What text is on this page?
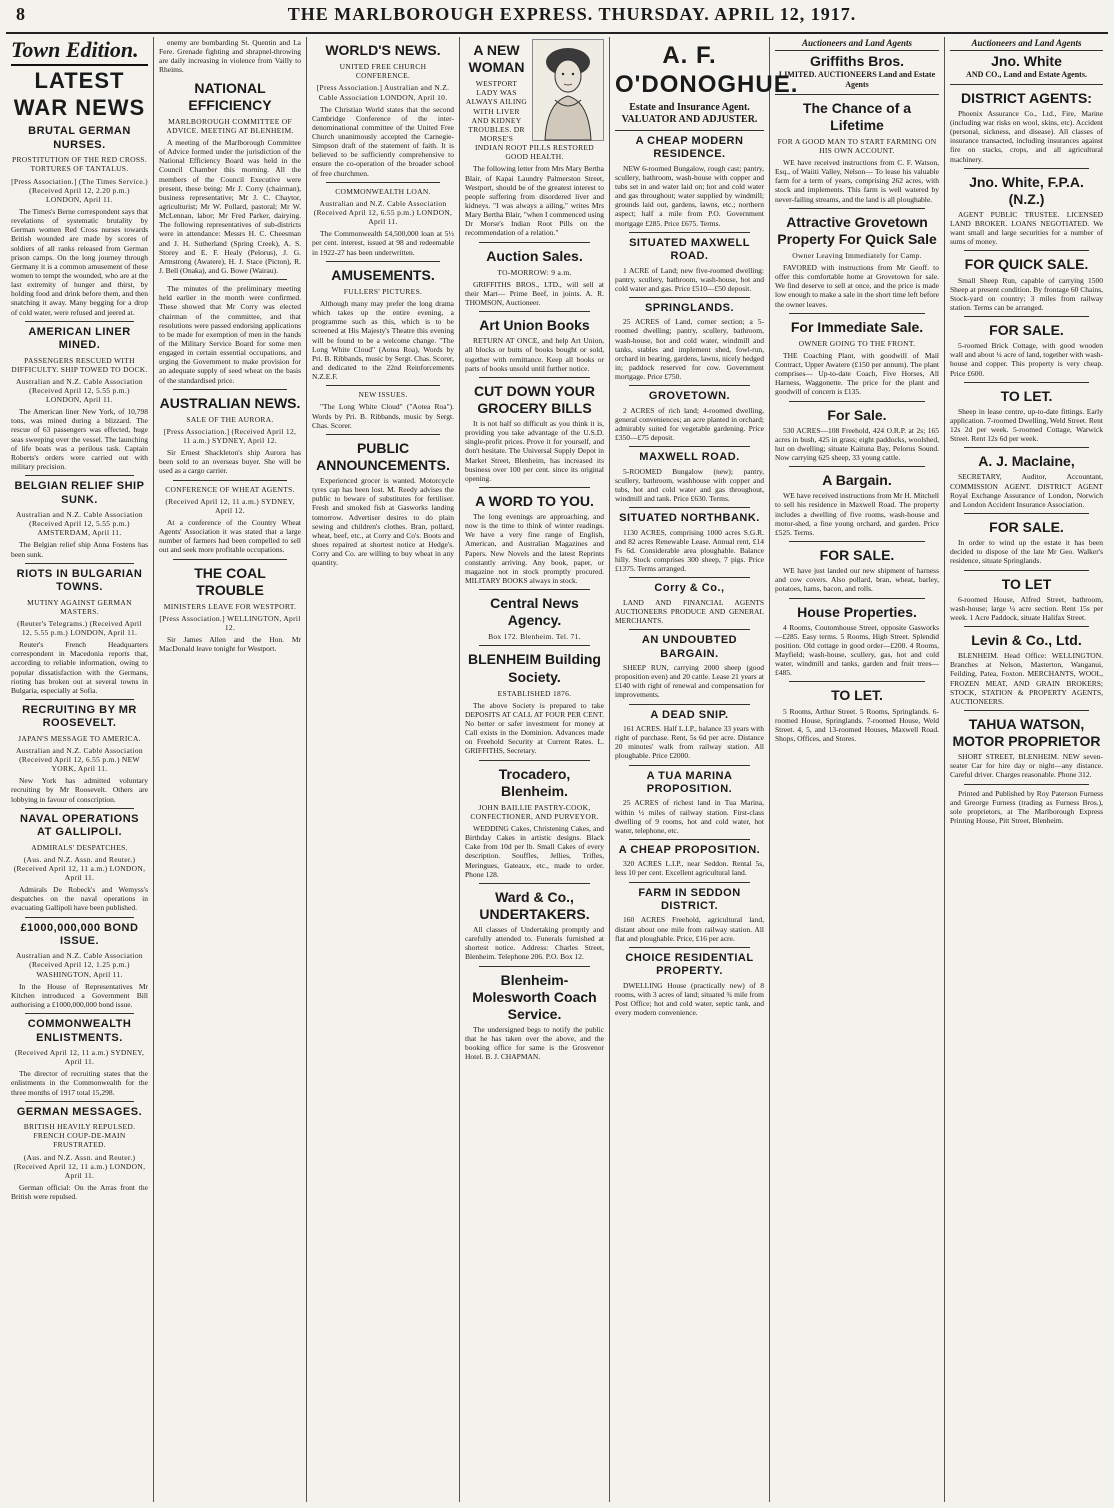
8	THE MARLBOROUGH EXPRESS. THURSDAY. APRIL 12, 1917.
Town Edition.
LATEST WAR NEWS
BRUTAL GERMAN NURSES.
PROSTITUTION OF THE RED CROSS. TORTURES OF TANTALUS.
[Press Association.] (The Times Service.) (Received April 12, 2.20 p.m.) LONDON, April 11.
The Times's Berne correspondent says that revelations of systematic brutality by German women Red Cross nurses towards British wounded are made by scores of soldiers of all ranks released from German prison camps. On the long journey through Germany it is a common amusement of these women to tempt the wounded, who are at the last extremity of hunger and thirst, by holding food and drink before them, and then snatching it away. Many begging for a drop of cold water, were refused and jeered at.
AMERICAN LINER MINED.
PASSENGERS RESCUED WITH DIFFICULTY. SHIP TOWED TO DOCK.
Australian and N.Z. Cable Association (Received April 12, 5.55 p.m.) LONDON, April 11.
The American liner New York, of 10,798 tons, was mined during a blizzard. The rescue of 63 passengers was effected, huge seas sweeping over the vessel. The launching of life boats was a perilous task. Captain Roberts's orders were carried out with military precision.
BELGIAN RELIEF SHIP SUNK.
Australian and N.Z. Cable Association (Received April 12, 5.55 p.m.) AMSTERDAM, April 11.
The Belgian relief ship Anna Fostens has been sunk.
RIOTS IN BULGARIAN TOWNS.
MUTINY AGAINST GERMAN MASTERS.
(Reuter's Telegrams.) (Received April 12, 5.55 p.m.) LONDON, April 11.
Reuter's French Headquarters correspondent in Macedonia reports that, according to reliable information, owing to popular dissatisfaction with the Germans, rioting has broken out at several towns in Bulgaria, especially at Sofia.
RECRUITING BY MR ROOSEVELT.
JAPAN'S MESSAGE TO AMERICA.
Australian and N.Z. Cable Association (Received April 12, 6.55 p.m.) NEW YORK, April 11.
New York has admitted voluntary recruiting by Mr Roosevelt. Others are lobbying in favour of conscription.
NAVAL OPERATIONS AT GALLIPOLI.
ADMIRALS' DESPATCHES.
(Aus. and N.Z. Assn. and Reuter.) (Received April 12, 11 a.m.) LONDON, April 11.
Admirals De Robeck's and Wemyss's despatches on the naval operations in evacuating Gallipoli have been published.
£1000,000,000 BOND ISSUE.
Australian and N.Z. Cable Association (Received April 12, 1.25 p.m.) WASHINGTON, April 11.
In the House of Representatives Mr Kitchen introduced a Government Bill authorising a £1000,000,000 bond issue.
COMMONWEALTH ENLISTMENTS.
(Received April 12, 11 a.m.) SYDNEY, April 11.
The director of recruiting states that the enlistments in the Commonwealth for the three months of 1917 total 15,298.
GERMAN MESSAGES.
BRITISH HEAVILY REPULSED. FRENCH COUP-DE-MAIN FRUSTRATED.
(Aus. and N.Z. Assn. and Reuter.) (Received April 12, 11 a.m.) LONDON, April 11.
German official: On the Arras front the British were repulsed.
enemy are bombarding St. Quentin and La Fere. Grenade fighting and shrapnel-throwing are daily increasing in violence from Vailly to Rheims.
NATIONAL EFFICIENCY
MARLBOROUGH COMMITTEE OF ADVICE. MEETING AT BLENHEIM.
A meeting of the Marlborough Committee of Advice formed under the jurisdiction of the National Efficiency Board was held in the Council Chamber this morning. All the members of the Council Executive were present, these being: Mr J. Corry (chairman), business representative; Mr J. C. Chaytor, agriculturist; Mr W. Pollard, pastoral; Mr W. McLennan, labor; Mr Fred Parker, dairying. The following representatives of sub-districts were in attendance: Messrs H. C. Cheesman and J. H. Sutherland (Spring Creek), A. S. Storey and E. F. Healy (Pelorus), J. G. Armstrong (Awatere), H. J. Stace (Picton), R. J. Bell (Onaka), and G. Bowe (Wairau).
The minutes of the preliminary meeting held earlier in the month were confirmed. These showed that Mr Corry was elected chairman of the committee, and that resolutions were passed endorsing applications to be made for exemption of men in the hands of the Military Service Board for some men engaged in certain essential occupations, and urging the Government to make provision for an adequate supply of seed wheat on the basis of the standardised price.
AUSTRALIAN NEWS.
SALE OF THE AURORA.
[Press Association.] (Received April 12, 11 a.m.) SYDNEY, April 12.
Sir Ernest Shackleton's ship Aurora has been sold to an overseas buyer. She will be used as a cargo carrier.
CONFERENCE OF WHEAT AGENTS.
(Received April 12, 11 a.m.) SYDNEY, April 12.
At a conference of the Country Wheat Agents' Association it was stated that a large number of farmers had been compelled to sell out and seek more profitable occupations.
THE COAL TROUBLE
MINISTERS LEAVE FOR WESTPORT.
[Press Association.] WELLINGTON, April 12.
Sir James Allen and the Hon. Mr MacDonald leave tonight for Westport.
WORLD'S NEWS.
UNITED FREE CHURCH CONFERENCE.
[Press Association.] Australian and N.Z. Cable Association LONDON, April 10.
The Christian World states that the second Cambridge Conference of the inter-denominational committee of the United Free Church unanimously accepted the Carnegie-Simpson draft of the statement of faith. It is believed to be sufficiently comprehensive to ensure the co-operation of the broader school of free churchmen.
COMMONWEALTH LOAN.
Australian and N.Z. Cable Association (Received April 12, 6.55 p.m.) LONDON, April 11.
The Commonwealth £4,500,000 loan at 5½ per cent. interest, issued at 98 and redeemable in 1922-27 has been underwritten.
AMUSEMENTS.
FULLERS' PICTURES.
Although many may prefer the long drama which takes up the entire evening, a programme such as this, which is to be screened at His Majesty's Theatre this evening will be found to be a welcome change. "The Long White Cloud" (Aotea Roa), Words by Pri. B. Ribbands, music by Sergt. Chas. Scorer, and dedicated to the 22nd Reinforcements N.Z.E.F.
NEW ISSUES.
"The Long White Cloud" ("Aotea Roa"). Words by Pri. B. Ribbands, music by Sergt. Chas. Scorer.
PUBLIC ANNOUNCEMENTS.
Experienced grocer is wanted. Motorcycle tyres cap has been lost. M. Reedy advises the public to beware of substitutes for fertiliser. Fresh and smoked fish at Gasworks landing tomorrow. Advertiser desires to do plain sewing and children's clothes. Bran, pollard, wheat, beef, etc., at Corry and Co's. Boots and shoes repaired at shortest notice at Hedge's. Corry and Co. are willing to buy wheat in any quantity.
A NEW WOMAN
WESTPORT LADY WAS ALWAYS AILING WITH LIVER AND KIDNEY TROUBLES. DR MORSE'S INDIAN ROOT PILLS RESTORED GOOD HEALTH.
The following letter from Mrs Mary Bertha Blair, of Kapai Laundry Palmerston Street, Westport, should be of the greatest interest to people suffering from disordered liver and kidneys. "I was always a ailing," writes Mrs Mary Bertha Blair, "when I commenced using Dr Morse's Indian Root Pills on the recommendation of a relation."
Auction Sales.
TO-MORROW: 9 a.m.
GRIFFITHS BROS., LTD., will sell at their Mart— Prime Beef, in joints. A. R. THOMSON, Auctioneer.
Art Union Books
RETURN AT ONCE, and help Art Union, all blocks or butts of books bought or sold, together with remittance. Keep all books or parts of books unsold until further notice.
CUT DOWN YOUR GROCERY BILLS
It is not half so difficult as you think it is, providing you take advantage of the U.S.D. single-profit prices. Prove it for yourself, and don't hesitate. The Universal Supply Depot in Market Street, Blenheim, has increased its business over 100 per cent. since its original opening.
A WORD TO YOU.
The long evenings are approaching, and now is the time to think of winter readings. We have a very fine range of English, American, and Australian Magazines and Papers. New Novels and the latest Reprints constantly arriving. Any book, paper, or magazine not in stock promptly procured. MILITARY BOOKS always in stock.
Central News Agency.
Box 172. Blenheim. Tel. 71.
BLENHEIM Building Society.
ESTABLISHED 1876.
The above Society is prepared to take DEPOSITS AT CALL AT FOUR PER CENT. No better or safer investment for money at Call exists in the Dominion. Advances made on Freehold Security at Current Rates. L. GRIFFITHS, Secretary.
Trocadero, Blenheim.
JOHN BAILLIE PASTRY-COOK, CONFECTIONER, AND PURVEYOR.
WEDDING Cakes, Christening Cakes, and Birthday Cakes in artistic designs. Black Cake from 10d per lb. Small Cakes of every description. Souffles, Jellies, Trifles, Meringues, Gateaux, etc., made to order. Phone 128.
Ward & Co., UNDERTAKERS.
All classes of Undertaking promptly and carefully attended to. Funerals furnished at shortest notice. Address: Charles Street, Blenheim. Telephone 206. P.O. Box 12.
Blenheim-Molesworth Coach Service.
The undersigned begs to notify the public that he has taken over the above, and the booking office for same is the Grosvenor Hotel. B. J. CHAPMAN.
A. F. O'DONOGHUE.
Estate and Insurance Agent. VALUATOR AND ADJUSTER.
A CHEAP MODERN RESIDENCE.
NEW 6-roomed Bungalow, rough cast; pantry, scullery, bathroom, wash-house with copper and tubs set in and water laid on; hot and cold water and gas throughout; water supplied by windmill; grounds laid out, gardens, lawns, etc.; northern aspect; half a mile from P.O. Government mortgage £285. Price £675. Terms.
SITUATED MAXWELL ROAD.
1 ACRE of Land; new five-roomed dwelling: pantry, scullery, bathroom, wash-house, hot and cold water and gas. Price £510—£50 deposit.
SPRINGLANDS.
25 ACRES of Land, corner section; a 5-roomed dwelling; pantry, scullery, bathroom, wash-house, hot and cold water, windmill and tanks, stables and implement shed, fowl-run, orchard in bearing, gardens, lawns, nicely hedged in; paddock reserved for cow. Government mortgage. Price £750.
GROVETOWN.
2 ACRES of rich land; 4-roomed dwelling, general conveniences; an acre planted in orchard; admirably suited for vegetable gardening. Price £350—£75 deposit.
MAXWELL ROAD.
5-ROOMED Bungalow (new); pantry, scullery, bathroom, washhouse with copper and tubs, hot and cold water and gas throughout, windmill and tank. Price £630. Terms.
SITUATED NORTHBANK.
1130 ACRES, comprising 1000 acres S.G.R. and 82 acres Renewable Lease. Annual rent, £14 Fs 6d. Considerable area ploughable. Balance hilly. Stock comprises 300 sheep, 7 pigs. Price £1375. Terms arranged.
Corry & Co.,
LAND AND FINANCIAL AGENTS AUCTIONEERS PRODUCE AND GENERAL MERCHANTS.
AN UNDOUBTED BARGAIN.
SHEEP RUN, carrying 2000 sheep (good proposition even) and 20 cattle. Lease 21 years at £140 with right of renewal and compensation for improvements.
A DEAD SNIP.
161 ACRES. Half L.I.P., balance 33 years with right of purchase. Rent, 5s 6d per acre. Distance 20 minutes' walk from railway station. All ploughable. Price £2000.
A TUA MARINA PROPOSITION.
25 ACRES of richest land in Tua Marina, within ½ miles of railway station. First-class dwelling of 9 rooms, hot and cold water, hot water, telephone, etc.
A CHEAP PROPOSITION.
320 ACRES L.I.P., near Seddon. Rental 5s, less 10 per cent. Excellent agricultural land.
FARM IN SEDDON DISTRICT.
160 ACRES Freehold, agricultural land, distant about one mile from railway station. All flat and ploughable. Price, £16 per acre.
CHOICE RESIDENTIAL PROPERTY.
DWELLING House (practically new) of 8 rooms, with 3 acres of land; situated ¾ mile from Post Office; hot and cold water, septic tank, and every modern convenience.
Auctioneers and Land Agents
Griffiths Bros.
LIMITED. AUCTIONEERS Land and Estate Agents
The Chance of a Lifetime
FOR A GOOD MAN TO START FARMING ON HIS OWN ACCOUNT.
WE have received instructions from C. F. Watson, Esq., of Waiiti Valley, Nelson— To lease his valuable farm for a term of years, comprising 262 acres, with stock and implements. This farm is well watered by never-failing streams, and the land is all ploughable.
Attractive Grovetown Property For Quick Sale
Owner Leaving Immediately for Camp.
FAVORED with instructions from Mr Geoff. to offer this comfortable home at Grovetown for sale. We find deserve to sell at once, and the price is made low enough to make a sale in the short time left before the owner leaves.
For Immediate Sale.
OWNER GOING TO THE FRONT.
THE Coaching Plant, with goodwill of Mail Contract, Upper Awatere (£150 per annum). The plant comprises— Up-to-date Coach, Five Horses, All Harness, Waggonette. The price for the plant and goodwill of concern is £135.
For Sale.
530 ACRES—108 Freehold, 424 O.R.P. at 2s; 165 acres in bush, 425 in grass; eight paddocks, woolshed, hut on dwelling; situate Kaituna Bay, Pelorus Sound. Now carrying 625 sheep, 33 young cattle.
A Bargain.
WE have received instructions from Mr H. Mitchell to sell his residence in Maxwell Road. The property includes a dwelling of five rooms, wash-house and motor-shed, a fine young orchard, and garden. Price £525. Terms.
FOR SALE.
WE have just landed our new shipment of harness and cow covers. Also pollard, bran, wheat, barley, potatoes, hams, bacon, and rolls.
House Properties.
4 Rooms, Coutomhouse Street, opposite Gasworks—£285. Easy terms. 5 Rooms, High Street. Splendid position. Old cottage in good order—£200. 4 Rooms, Mayfield; wash-house, scullery, gas, hot and cold water, windmill and tanks, garden and fruit trees—£485.
TO LET.
5 Rooms, Arthur Street. 5 Rooms, Springlands. 6-roomed House, Springlands. 7-roomed House, Weld Street. 4, 5, and 13-roomed Houses, Maxwell Road. Shops, Offices, and Stores.
Auctioneers and Land Agents
Jno. White
AND CO., Land and Estate Agents.
DISTRICT AGENTS:
Phoenix Assurance Co., Ltd., Fire, Marine (including war risks on wool, skins, etc). Accident (personal, sickness, and disease). All classes of insurance transacted, including insurances against fire on stacks, crops, and all agricultural machinery.
Jno. White, F.P.A. (N.Z.)
AGENT PUBLIC TRUSTEE. LICENSED LAND BROKER. LOANS NEGOTIATED. We want small and large securities for a number of sums of money.
FOR QUICK SALE.
Small Sheep Run, capable of carrying 1500 Sheep at present condition. By frontage 60 Chains, Stock-yard on country; 3 miles from railway station. Terms can be arranged.
FOR SALE.
5-roomed Brick Cottage, with good wooden wall and about ¼ acre of land, together with wash-house and copper. This property is very cheap. Price £600.
TO LET.
Sheep in lease centre, up-to-date fittings. Early application. 7-roomed Dwelling, Weld Street. Rent 12s 2d per week. 5-roomed Cottage, Warwick Street. Rent 12s 6d per week.
A. J. Maclaine,
SECRETARY, Auditor, Accountant, COMMISSION AGENT. DISTRICT AGENT Royal Exchange Assurance of London, Norwich and London Accident Insurance Association.
FOR SALE.
In order to wind up the estate it has been decided to dispose of the late Mr Geo. Walker's residence, situate Springlands.
TO LET
6-roomed House, Alfred Street, bathroom, wash-house; large ¼ acre section. Rent 15s per week. 1 Acre Paddock, situate Halifax Street.
Levin & Co., Ltd.
BLENHEIM. Head Office: WELLINGTON. Branches at Nelson, Masterton, Wanganui, Feilding, Patea, Foxton. MERCHANTS, WOOL, FROZEN MEAT, AND GRAIN BROKERS; STOCK, STATION & PROPERTY AGENTS, AUCTIONEERS.
TAHUA WATSON, MOTOR PROPRIETOR
SHORT STREET, BLENHEIM. NEW seven-seater Car for hire day or night—any distance. Careful driver. Charges reasonable. Phone 312.
Printed and Published by Roy Paterson Furness and Greorge Furness (trading as Furness Bros.), sole proprietors, at The Marlborough Express Printing House, Pitt Street, Blenheim.
